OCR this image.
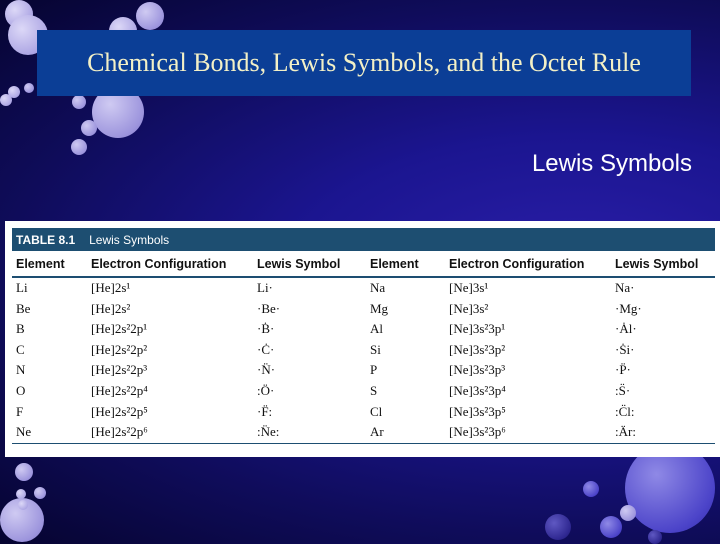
Chemical Bonds, Lewis Symbols, and the Octet Rule
Lewis Symbols
TABLE 8.1 Lewis Symbols
Element	Electron Configuration	Lewis Symbol	Element	Electron Configuration	Lewis Symbol
Li	[He]2s¹	Li·	Na	[Ne]3s¹	Na·
Be	[He]2s²	·Be·	Mg	[Ne]3s²	·Mg·
B	[He]2s²2p¹	·Ḃ·	Al	[Ne]3s²3p¹	·Ȧl·
C	[He]2s²2p²	·Ċ·	Si	[Ne]3s²3p²	·Ṡi·
N	[He]2s²2p³	·N̈·	P	[Ne]3s²3p³	·P̈·
O	[He]2s²2p⁴	:Ö·	S	[Ne]3s²3p⁴	:S̈·
F	[He]2s²2p⁵	·F̈:	Cl	[Ne]3s²3p⁵	:C̈l:
Ne	[He]2s²2p⁶	:N̈e:	Ar	[Ne]3s²3p⁶	:Är:
